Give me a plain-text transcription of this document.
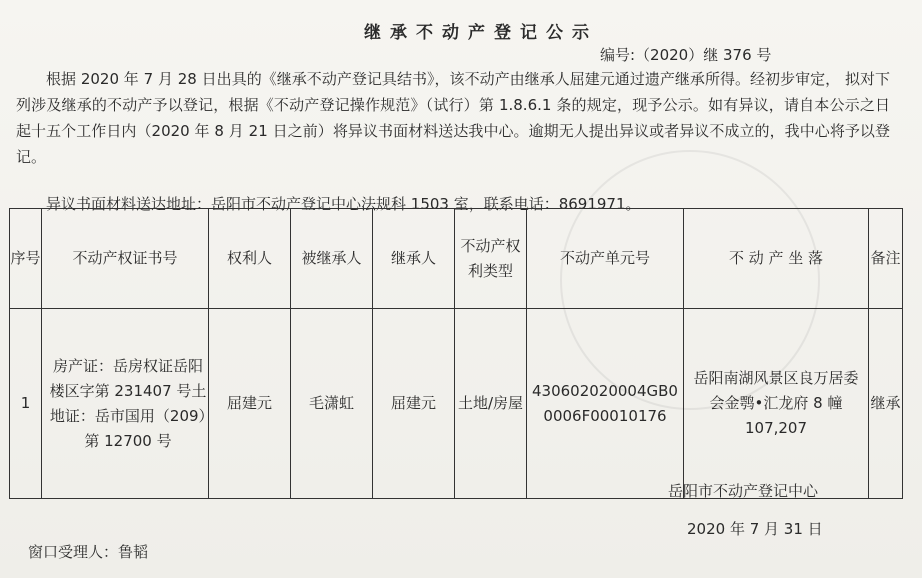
继承不动产登记公示
编号:（2020）继 376 号
根据 2020 年 7 月 28 日出具的《继承不动产登记具结书》，该不动产由继承人屈建元通过遗产继承所得。经初步审定， 拟对下列涉及继承的不动产予以登记，根据《不动产登记操作规范》（试行）第 1.8.6.1 条的规定，现予公示。如有异议，请自本公示之日起十五个工作日内（2020 年 8 月 21 日之前）将异议书面材料送达我中心。逾期无人提出异议或者异议不成立的，我中心将予以登记。
异议书面材料送达地址：岳阳市不动产登记中心法规科 1503 室，联系电话：8691971。
序号	不动产权证书号	权利人	被继承人	继承人	不动产权利类型	不动产单元号	不 动 产 坐 落	备注
1	房产证：岳房权证岳阳楼区字第 231407 号土地证：岳市国用（209）第 12700 号	屈建元	毛潇虹	屈建元	土地/房屋	430602020004GB00006F00010176	岳阳南湖风景区良万居委会金鹗•汇龙府 8 幢 107,207	继承
岳阳市不动产登记中心
2020 年 7 月 31 日
窗口受理人：鲁韬
